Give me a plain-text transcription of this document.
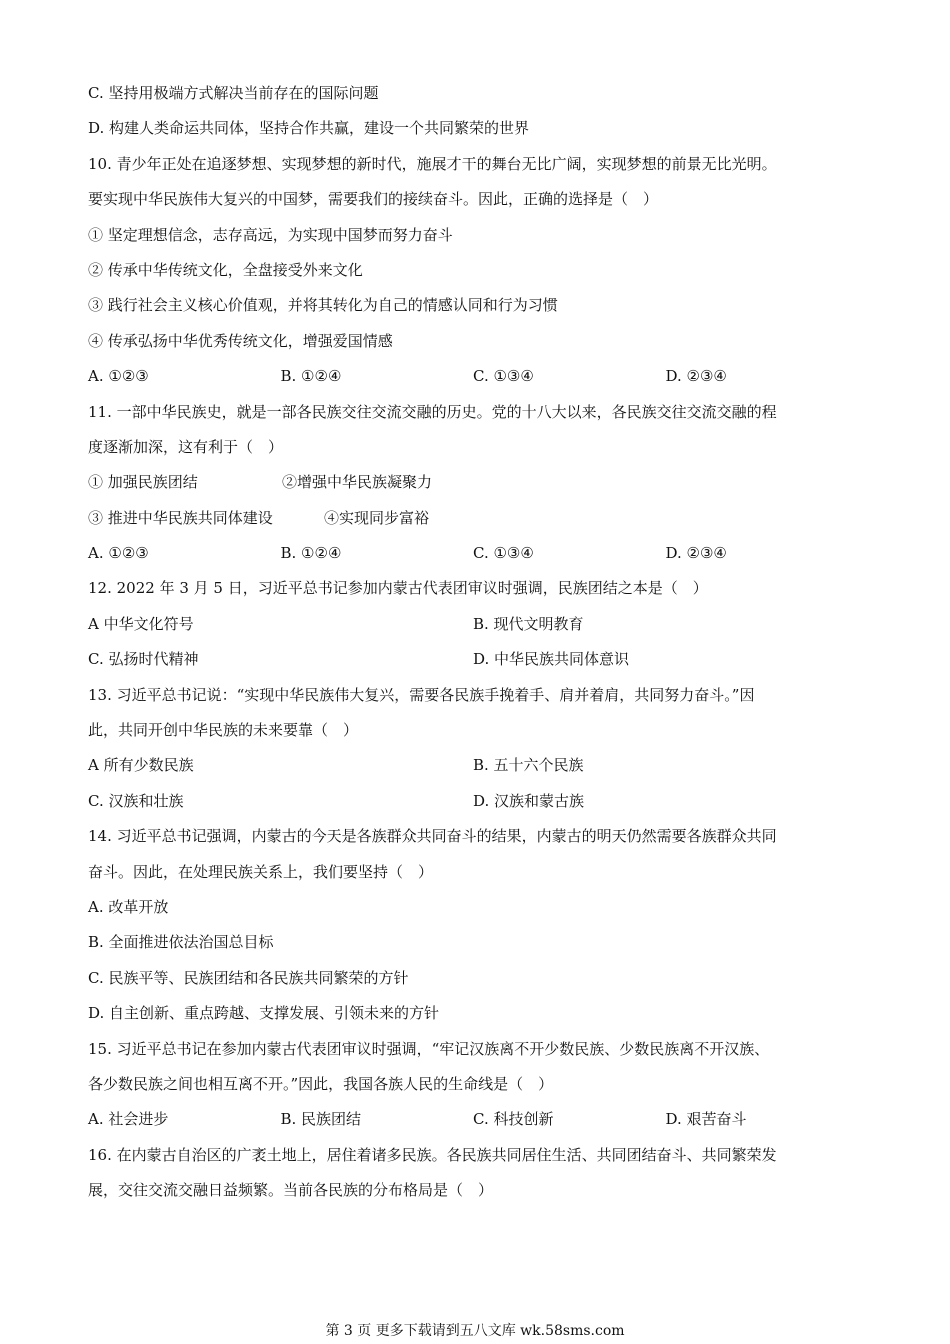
C. 坚持用极端方式解决当前存在的国际问题
D. 构建人类命运共同体，坚持合作共赢，建设一个共同繁荣的世界
10. 青少年正处在追逐梦想、实现梦想的新时代，施展才干的舞台无比广阔，实现梦想的前景无比光明。
要实现中华民族伟大复兴的中国梦，需要我们的接续奋斗。因此，正确的选择是（　）
① 坚定理想信念，志存高远，为实现中国梦而努力奋斗
② 传承中华传统文化，全盘接受外来文化
③ 践行社会主义核心价值观，并将其转化为自己的情感认同和行为习惯
④ 传承弘扬中华优秀传统文化，增强爱国情感
A. ①②③	B. ①②④	C. ①③④	D. ②③④
11. 一部中华民族史，就是一部各民族交往交流交融的历史。党的十八大以来，各民族交往交流交融的程
度逐渐加深，这有利于（　）
① 加强民族团结	②增强中华民族凝聚力
③ 推进中华民族共同体建设	④实现同步富裕
A. ①②③	B. ①②④	C. ①③④	D. ②③④
12. 2022 年 3 月 5 日，习近平总书记参加内蒙古代表团审议时强调，民族团结之本是（　）
A 中华文化符号	B. 现代文明教育
C. 弘扬时代精神	D. 中华民族共同体意识
13. 习近平总书记说：“实现中华民族伟大复兴，需要各民族手挽着手、肩并着肩，共同努力奋斗。”因
此，共同开创中华民族的未来要靠（　）
A 所有少数民族	B. 五十六个民族
C. 汉族和壮族	D. 汉族和蒙古族
14. 习近平总书记强调，内蒙古的今天是各族群众共同奋斗的结果，内蒙古的明天仍然需要各族群众共同
奋斗。因此，在处理民族关系上，我们要坚持（　）
A. 改革开放
B. 全面推进依法治国总目标
C. 民族平等、民族团结和各民族共同繁荣的方针
D. 自主创新、重点跨越、支撑发展、引领未来的方针
15. 习近平总书记在参加内蒙古代表团审议时强调，“牢记汉族离不开少数民族、少数民族离不开汉族、
各少数民族之间也相互离不开。”因此，我国各族人民的生命线是（　）
A. 社会进步	B. 民族团结	C. 科技创新	D. 艰苦奋斗
16. 在内蒙古自治区的广袤土地上，居住着诸多民族。各民族共同居住生活、共同团结奋斗、共同繁荣发
展，交往交流交融日益频繁。当前各民族的分布格局是（　）
第 3 页 更多下载请到五八文库 wk.58sms.com
